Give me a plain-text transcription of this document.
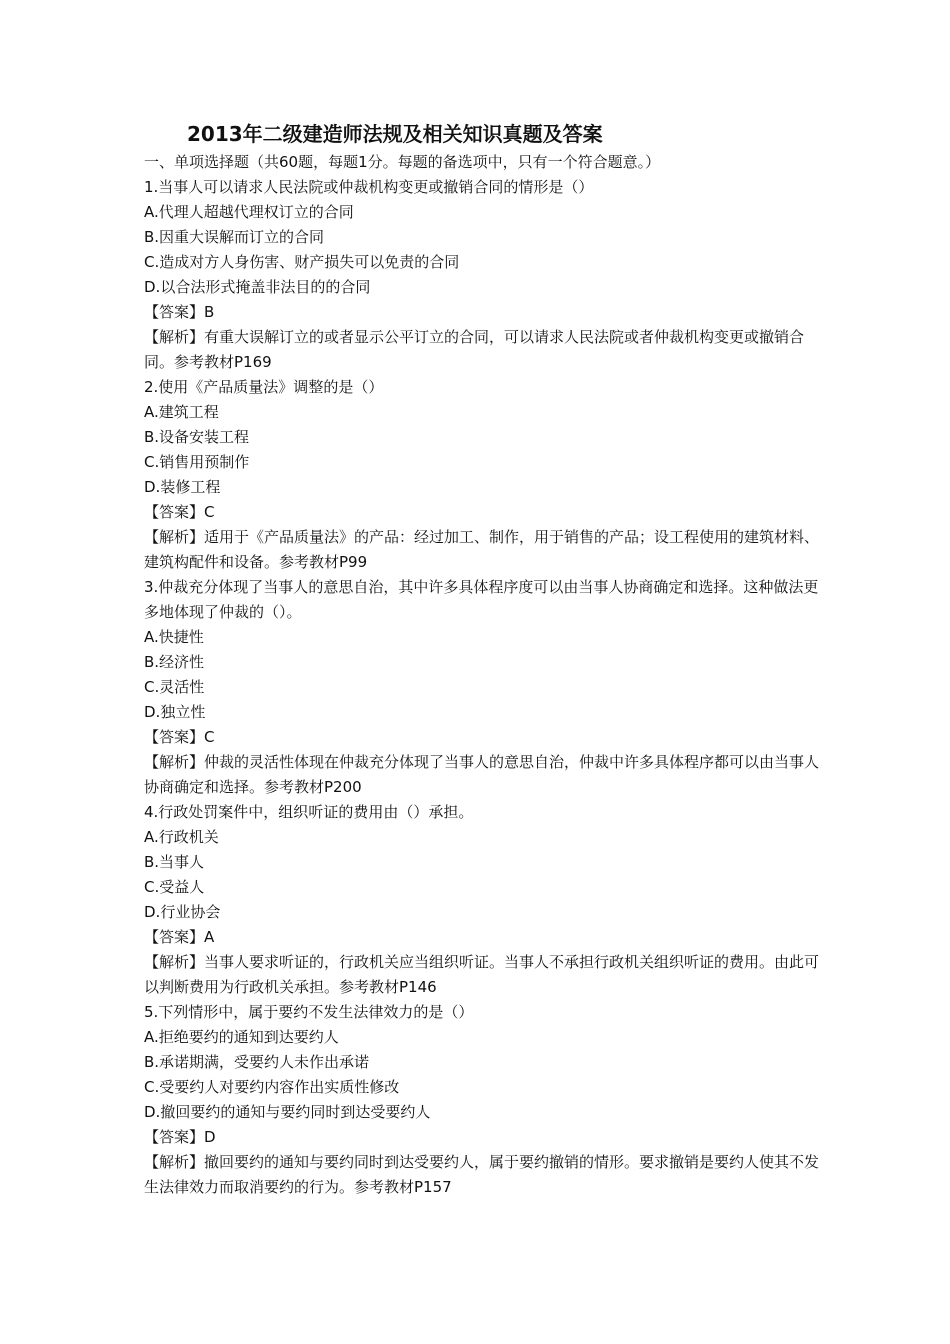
2013年二级建造师法规及相关知识真题及答案
一、单项选择题（共60题，每题1分。每题的备选项中，只有一个符合题意。）
1.当事人可以请求人民法院或仲裁机构变更或撤销合同的情形是（）
A.代理人超越代理权订立的合同
B.因重大误解而订立的合同
C.造成对方人身伤害、财产损失可以免责的合同
D.以合法形式掩盖非法目的的合同
【答案】B
【解析】有重大误解订立的或者显示公平订立的合同，可以请求人民法院或者仲裁机构变更或撤销合同。参考教材P169
2.使用《产品质量法》调整的是（）
A.建筑工程
B.设备安装工程
C.销售用预制作
D.装修工程
【答案】C
【解析】适用于《产品质量法》的产品：经过加工、制作，用于销售的产品；设工程使用的建筑材料、建筑构配件和设备。参考教材P99
3.仲裁充分体现了当事人的意思自治，其中许多具体程序度可以由当事人协商确定和选择。这种做法更多地体现了仲裁的（）。
A.快捷性
B.经济性
C.灵活性
D.独立性
【答案】C
【解析】仲裁的灵活性体现在仲裁充分体现了当事人的意思自治，仲裁中许多具体程序都可以由当事人协商确定和选择。参考教材P200
4.行政处罚案件中，组织听证的费用由（）承担。
A.行政机关
B.当事人
C.受益人
D.行业协会
【答案】A
【解析】当事人要求听证的，行政机关应当组织听证。当事人不承担行政机关组织听证的费用。由此可以判断费用为行政机关承担。参考教材P146
5.下列情形中，属于要约不发生法律效力的是（）
A.拒绝要约的通知到达要约人
B.承诺期满，受要约人未作出承诺
C.受要约人对要约内容作出实质性修改
D.撤回要约的通知与要约同时到达受要约人
【答案】D
【解析】撤回要约的通知与要约同时到达受要约人，属于要约撤销的情形。要求撤销是要约人使其不发生法律效力而取消要约的行为。参考教材P157
